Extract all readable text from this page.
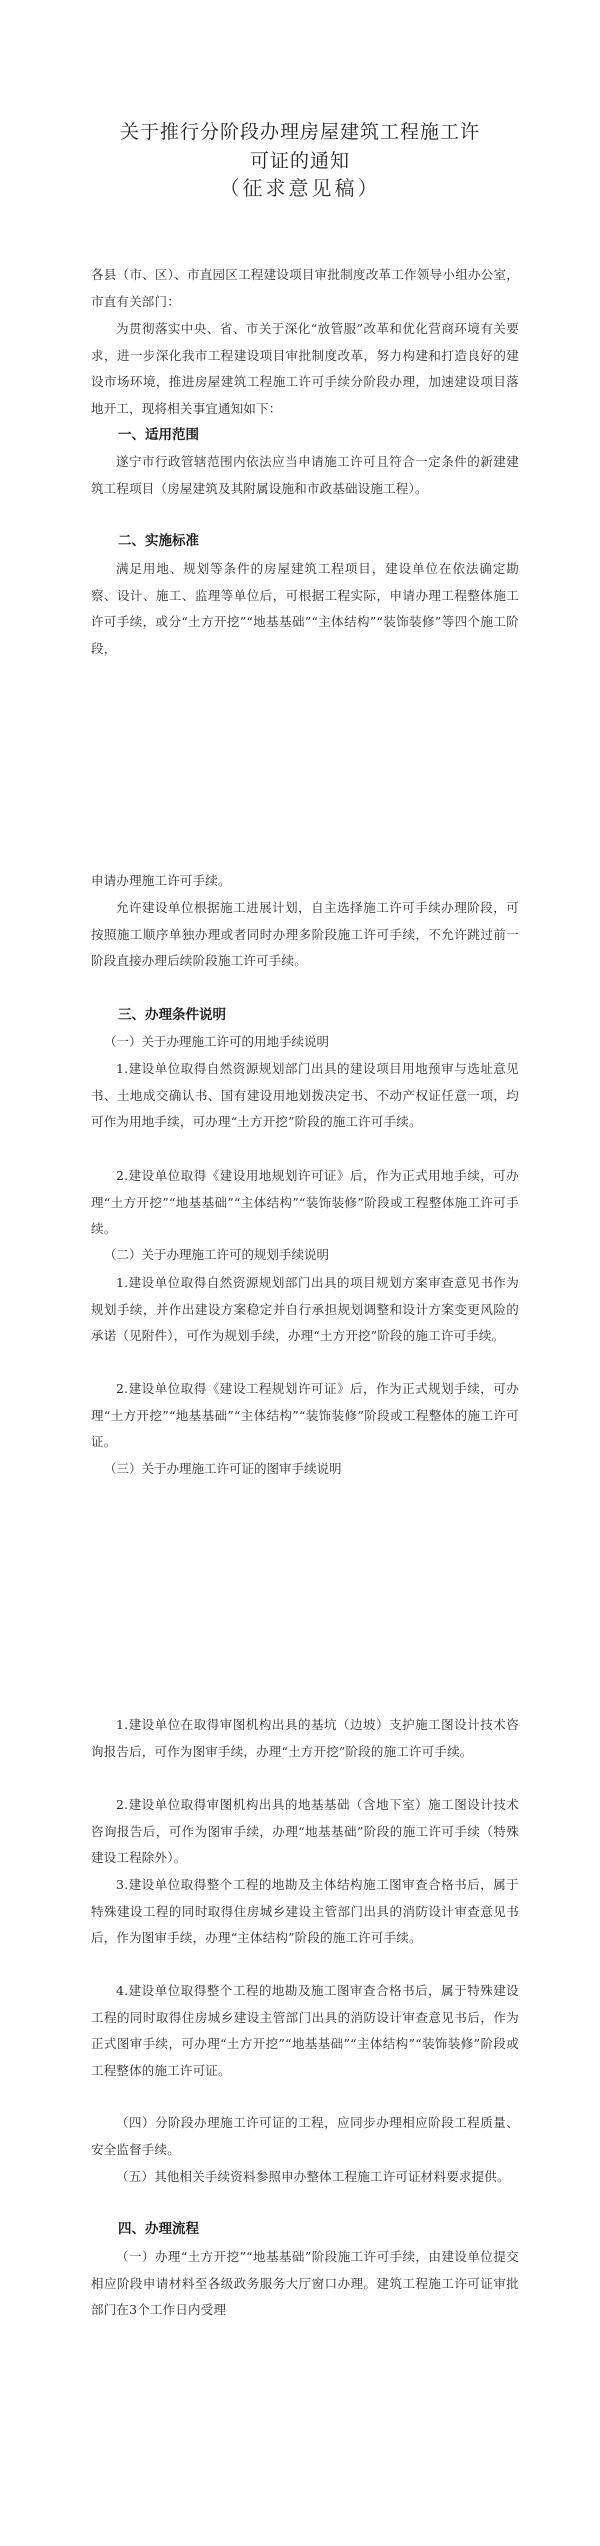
关于推行分阶段办理房屋建筑工程施工许
可证的通知
（征求意见稿）
各县（市、区）、市直园区工程建设项目审批制度改革工作领导小组办公室，市直有关部门：
为贯彻落实中央、省、市关于深化“放管服”改革和优化营商环境有关要求，进一步深化我市工程建设项目审批制度改革，努力构建和打造良好的建设市场环境，推进房屋建筑工程施工许可手续分阶段办理，加速建设项目落地开工，现将相关事宜通知如下：
一、适用范围
遂宁市行政管辖范围内依法应当申请施工许可且符合一定条件的新建建筑工程项目（房屋建筑及其附属设施和市政基础设施工程）。
二、实施标准
满足用地、规划等条件的房屋建筑工程项目，建设单位在依法确定勘察、设计、施工、监理等单位后，可根据工程实际，申请办理工程整体施工许可手续，或分“土方开挖”“地基基础”“主体结构”“装饰装修”等四个施工阶段，
申请办理施工许可手续。
允许建设单位根据施工进展计划，自主选择施工许可手续办理阶段，可按照施工顺序单独办理或者同时办理多阶段施工许可手续，不允许跳过前一阶段直接办理后续阶段施工许可手续。
三、办理条件说明
（一）关于办理施工许可的用地手续说明
1.建设单位取得自然资源规划部门出具的建设项目用地预审与选址意见书、土地成交确认书、国有建设用地划拨决定书、不动产权证任意一项，均可作为用地手续，可办理“土方开挖”阶段的施工许可手续。
2.建设单位取得《建设用地规划许可证》后，作为正式用地手续，可办理“土方开挖”“地基基础”“主体结构”“装饰装修”阶段或工程整体施工许可手续。
（二）关于办理施工许可的规划手续说明
1.建设单位取得自然资源规划部门出具的项目规划方案审查意见书作为规划手续，并作出建设方案稳定并自行承担规划调整和设计方案变更风险的承诺（见附件），可作为规划手续，办理“土方开挖”阶段的施工许可手续。
2.建设单位取得《建设工程规划许可证》后，作为正式规划手续，可办理“土方开挖”“地基基础”“主体结构”“装饰装修”阶段或工程整体的施工许可证。
（三）关于办理施工许可证的图审手续说明
1.建设单位在取得审图机构出具的基坑（边坡）支护施工图设计技术咨询报告后，可作为图审手续，办理“土方开挖”阶段的施工许可手续。
2.建设单位取得审图机构出具的地基基础（含地下室）施工图设计技术咨询报告后，可作为图审手续，办理“地基基础”阶段的施工许可手续（特殊建设工程除外）。
3.建设单位取得整个工程的地勘及主体结构施工图审查合格书后，属于特殊建设工程的同时取得住房城乡建设主管部门出具的消防设计审查意见书后，作为图审手续，办理“主体结构”阶段的施工许可手续。
4.建设单位取得整个工程的地勘及施工图审查合格书后，属于特殊建设工程的同时取得住房城乡建设主管部门出具的消防设计审查意见书后，作为正式图审手续，可办理“土方开挖”“地基基础”“主体结构”“装饰装修”阶段或工程整体的施工许可证。
（四）分阶段办理施工许可证的工程，应同步办理相应阶段工程质量、安全监督手续。
（五）其他相关手续资料参照申办整体工程施工许可证材料要求提供。
四、办理流程
（一）办理“土方开挖”“地基基础”阶段施工许可手续，由建设单位提交相应阶段申请材料至各级政务服务大厅窗口办理。建筑工程施工许可证审批部门在3个工作日内受理
